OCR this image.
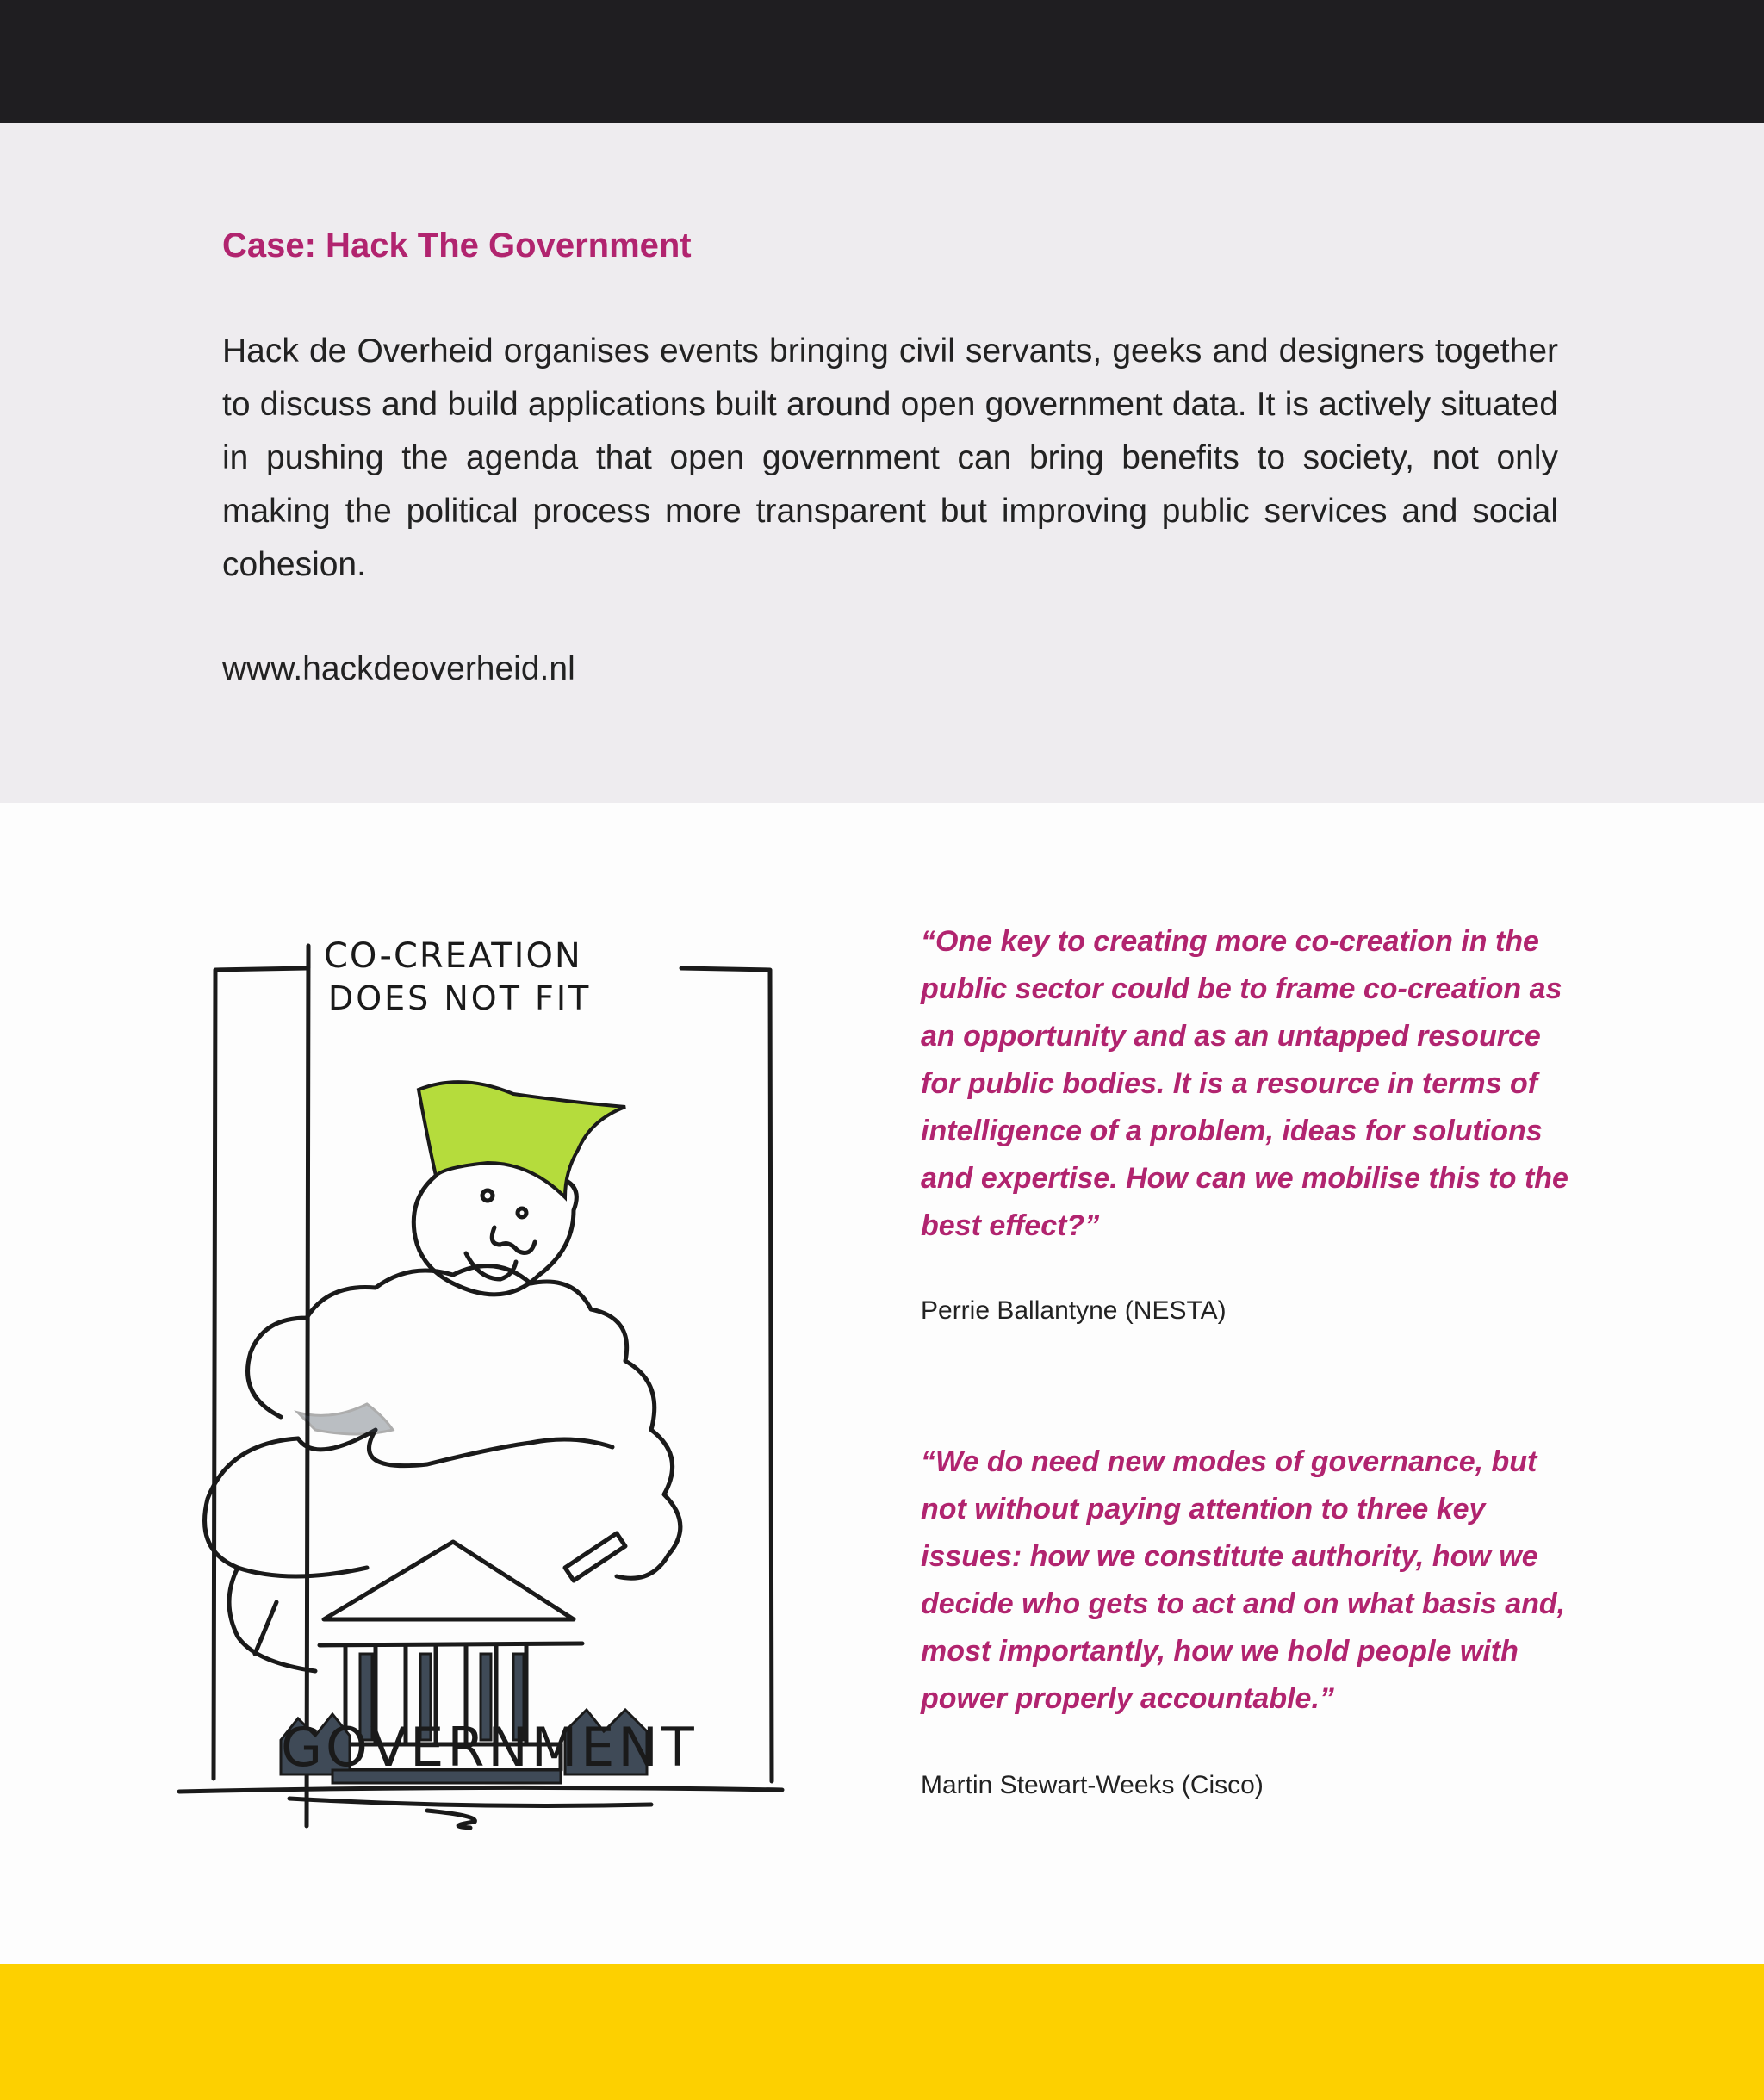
Case: Hack The Government

Hack de Overheid organises events bringing civil servants, geeks and designers together to discuss and build applications built around open government data. It is actively situated in pushing the agenda that open government can bring benefits to society, not only making the political process more transparent but improving public services and social cohesion.

www.hackdeoverheid.nl

CO-CREATION
DOES NOT FIT
GOVERNMENT

“One key to creating more co-creation in the public sector could be to frame co-creation as an opportunity and as an untapped resource for public bodies. It is a resource in terms of intelligence of a problem, ideas for solutions and expertise. How can we mobilise this to the best effect?”

Perrie Ballantyne (NESTA)

“We do need new modes of governance, but not without paying attention to three key issues: how we constitute authority, how we decide who gets to act and on what basis and, most importantly, how we hold people with power properly accountable.”

Martin Stewart-Weeks (Cisco)
